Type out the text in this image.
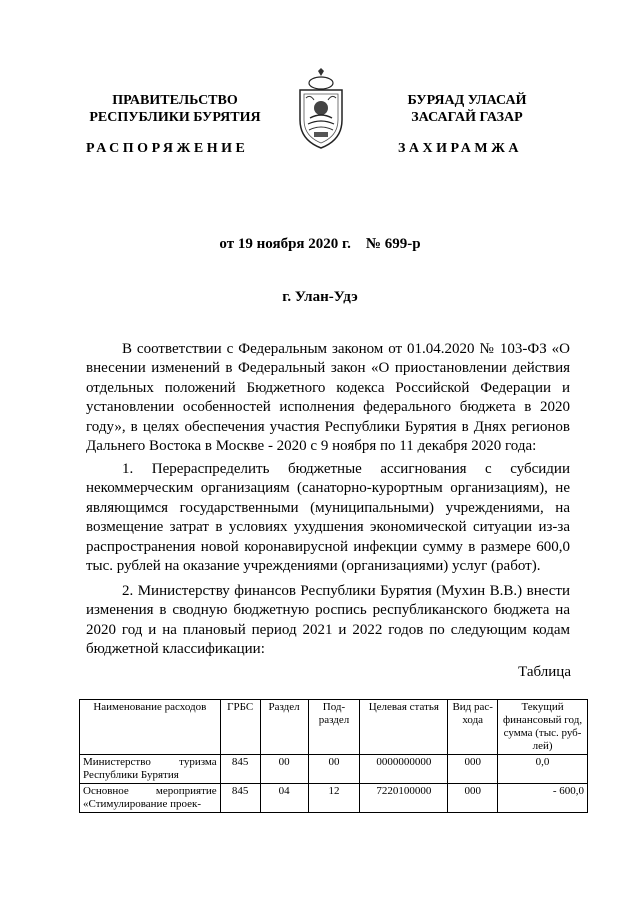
ПРАВИТЕЛЬСТВО
РЕСПУБЛИКИ БУРЯТИЯ
БУРЯАД УЛАСАЙ
ЗАСАГАЙ ГАЗАР
РАСПОРЯЖЕНИЕ	ЗАХИРАМЖА
от 19 ноября 2020 г.    № 699-р
г. Улан-Удэ
В соответствии с Федеральным законом от 01.04.2020 № 103-ФЗ «О внесении изменений в Федеральный закон «О приостановлении действия отдельных положений Бюджетного кодекса Российской Федерации и установлении особенностей исполнения федерального бюджета в 2020 году», в целях обеспечения участия Республики Бурятия в Днях регионов Дальнего Востока в Москве - 2020 с 9 ноября по 11 декабря 2020 года:
1. Перераспределить бюджетные ассигнования с субсидии некоммерческим организациям (санаторно-курортным организациям), не являющимся государственными (муниципальными) учреждениями, на возмещение затрат в условиях ухудшения экономической ситуации из-за распространения новой коронавирусной инфекции сумму в размере 600,0 тыс. рублей на оказание учреждениями (организациями) услуг (работ).
2. Министерству финансов Республики Бурятия (Мухин В.В.) внести изменения в сводную бюджетную роспись республиканского бюджета на 2020 год и на плановый период 2021 и 2022 годов по следующим кодам бюджетной классификации:
Таблица
Наименование расходов	ГРБС	Раздел	Под-раздел	Целевая статья	Вид рас-хода	Текущий финансовый год, сумма (тыс. руб-лей)
Министерство туризма Республики Бурятия	845	00	00	0000000000	000	0,0
Основное мероприятие «Стимулирование проек-	845	04	12	7220100000	000	- 600,0
